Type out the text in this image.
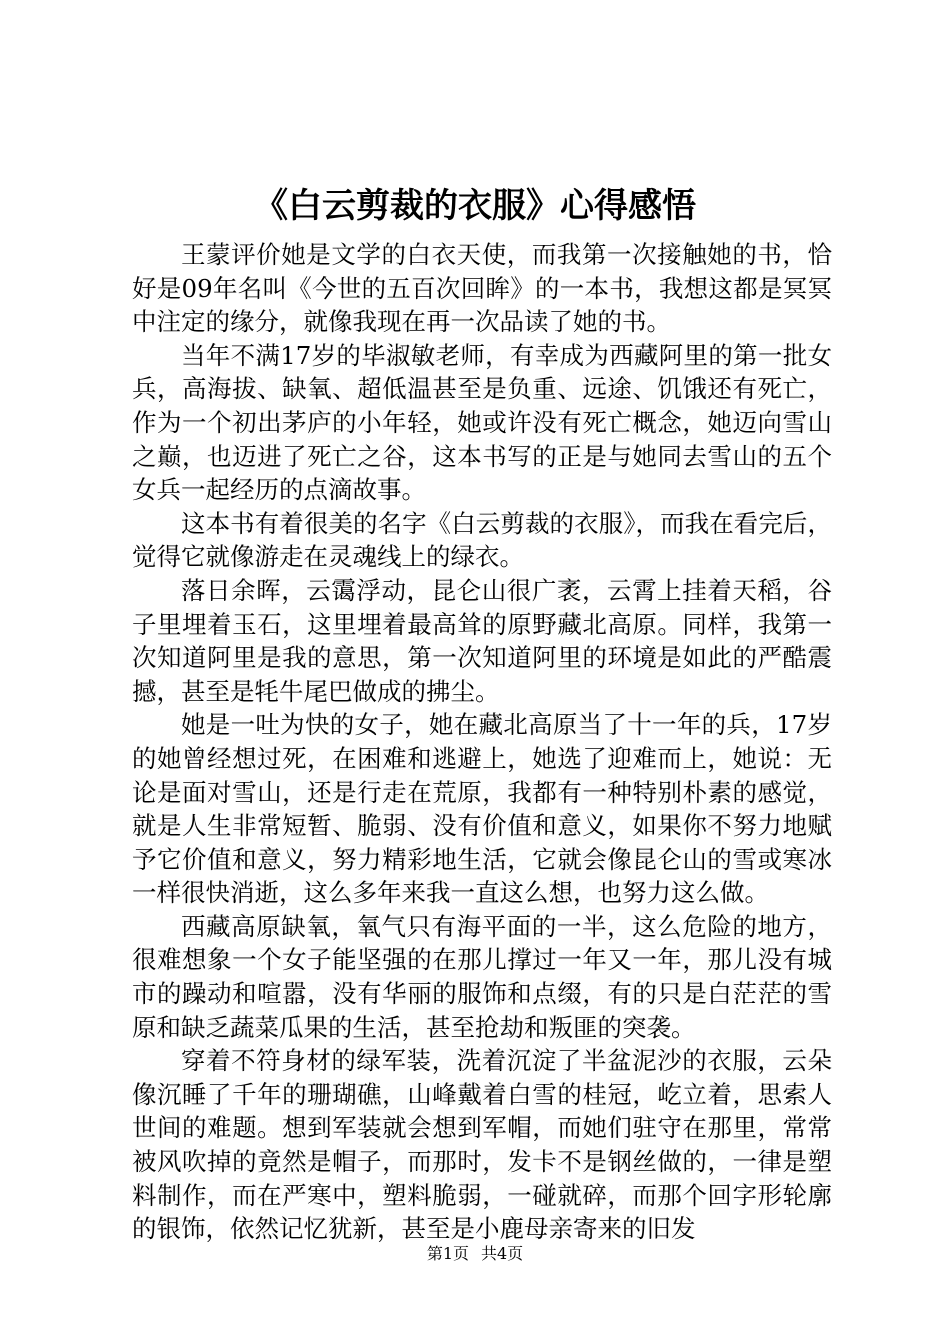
《白云剪裁的衣服》心得感悟

王蒙评价她是文学的白衣天使，而我第一次接触她的书，恰好是09年名叫《今世的五百次回眸》的一本书，我想这都是冥冥中注定的缘分，就像我现在再一次品读了她的书。

当年不满17岁的毕淑敏老师，有幸成为西藏阿里的第一批女兵，高海拔、缺氧、超低温甚至是负重、远途、饥饿还有死亡，作为一个初出茅庐的小年轻，她或许没有死亡概念，她迈向雪山之巅，也迈进了死亡之谷，这本书写的正是与她同去雪山的五个女兵一起经历的点滴故事。

这本书有着很美的名字《白云剪裁的衣服》，而我在看完后，觉得它就像游走在灵魂线上的绿衣。

落日余晖，云霭浮动，昆仑山很广袤，云霄上挂着天稻，谷子里埋着玉石，这里埋着最高耸的原野藏北高原。同样，我第一次知道阿里是我的意思，第一次知道阿里的环境是如此的严酷震撼，甚至是牦牛尾巴做成的拂尘。

她是一吐为快的女子，她在藏北高原当了十一年的兵，17岁的她曾经想过死，在困难和逃避上，她选了迎难而上，她说：无论是面对雪山，还是行走在荒原，我都有一种特别朴素的感觉，就是人生非常短暂、脆弱、没有价值和意义，如果你不努力地赋予它价值和意义，努力精彩地生活，它就会像昆仑山的雪或寒冰一样很快消逝，这么多年来我一直这么想，也努力这么做。

西藏高原缺氧，氧气只有海平面的一半，这么危险的地方，很难想象一个女子能坚强的在那儿撑过一年又一年，那儿没有城市的躁动和喧嚣，没有华丽的服饰和点缀，有的只是白茫茫的雪原和缺乏蔬菜瓜果的生活，甚至抢劫和叛匪的突袭。

穿着不符身材的绿军装，洗着沉淀了半盆泥沙的衣服，云朵像沉睡了千年的珊瑚礁，山峰戴着白雪的桂冠，屹立着，思索人世间的难题。想到军装就会想到军帽，而她们驻守在那里，常常被风吹掉的竟然是帽子，而那时，发卡不是钢丝做的，一律是塑料制作，而在严寒中，塑料脆弱，一碰就碎，而那个回字形轮廓的银饰，依然记忆犹新，甚至是小鹿母亲寄来的旧发

第1页 共4页
